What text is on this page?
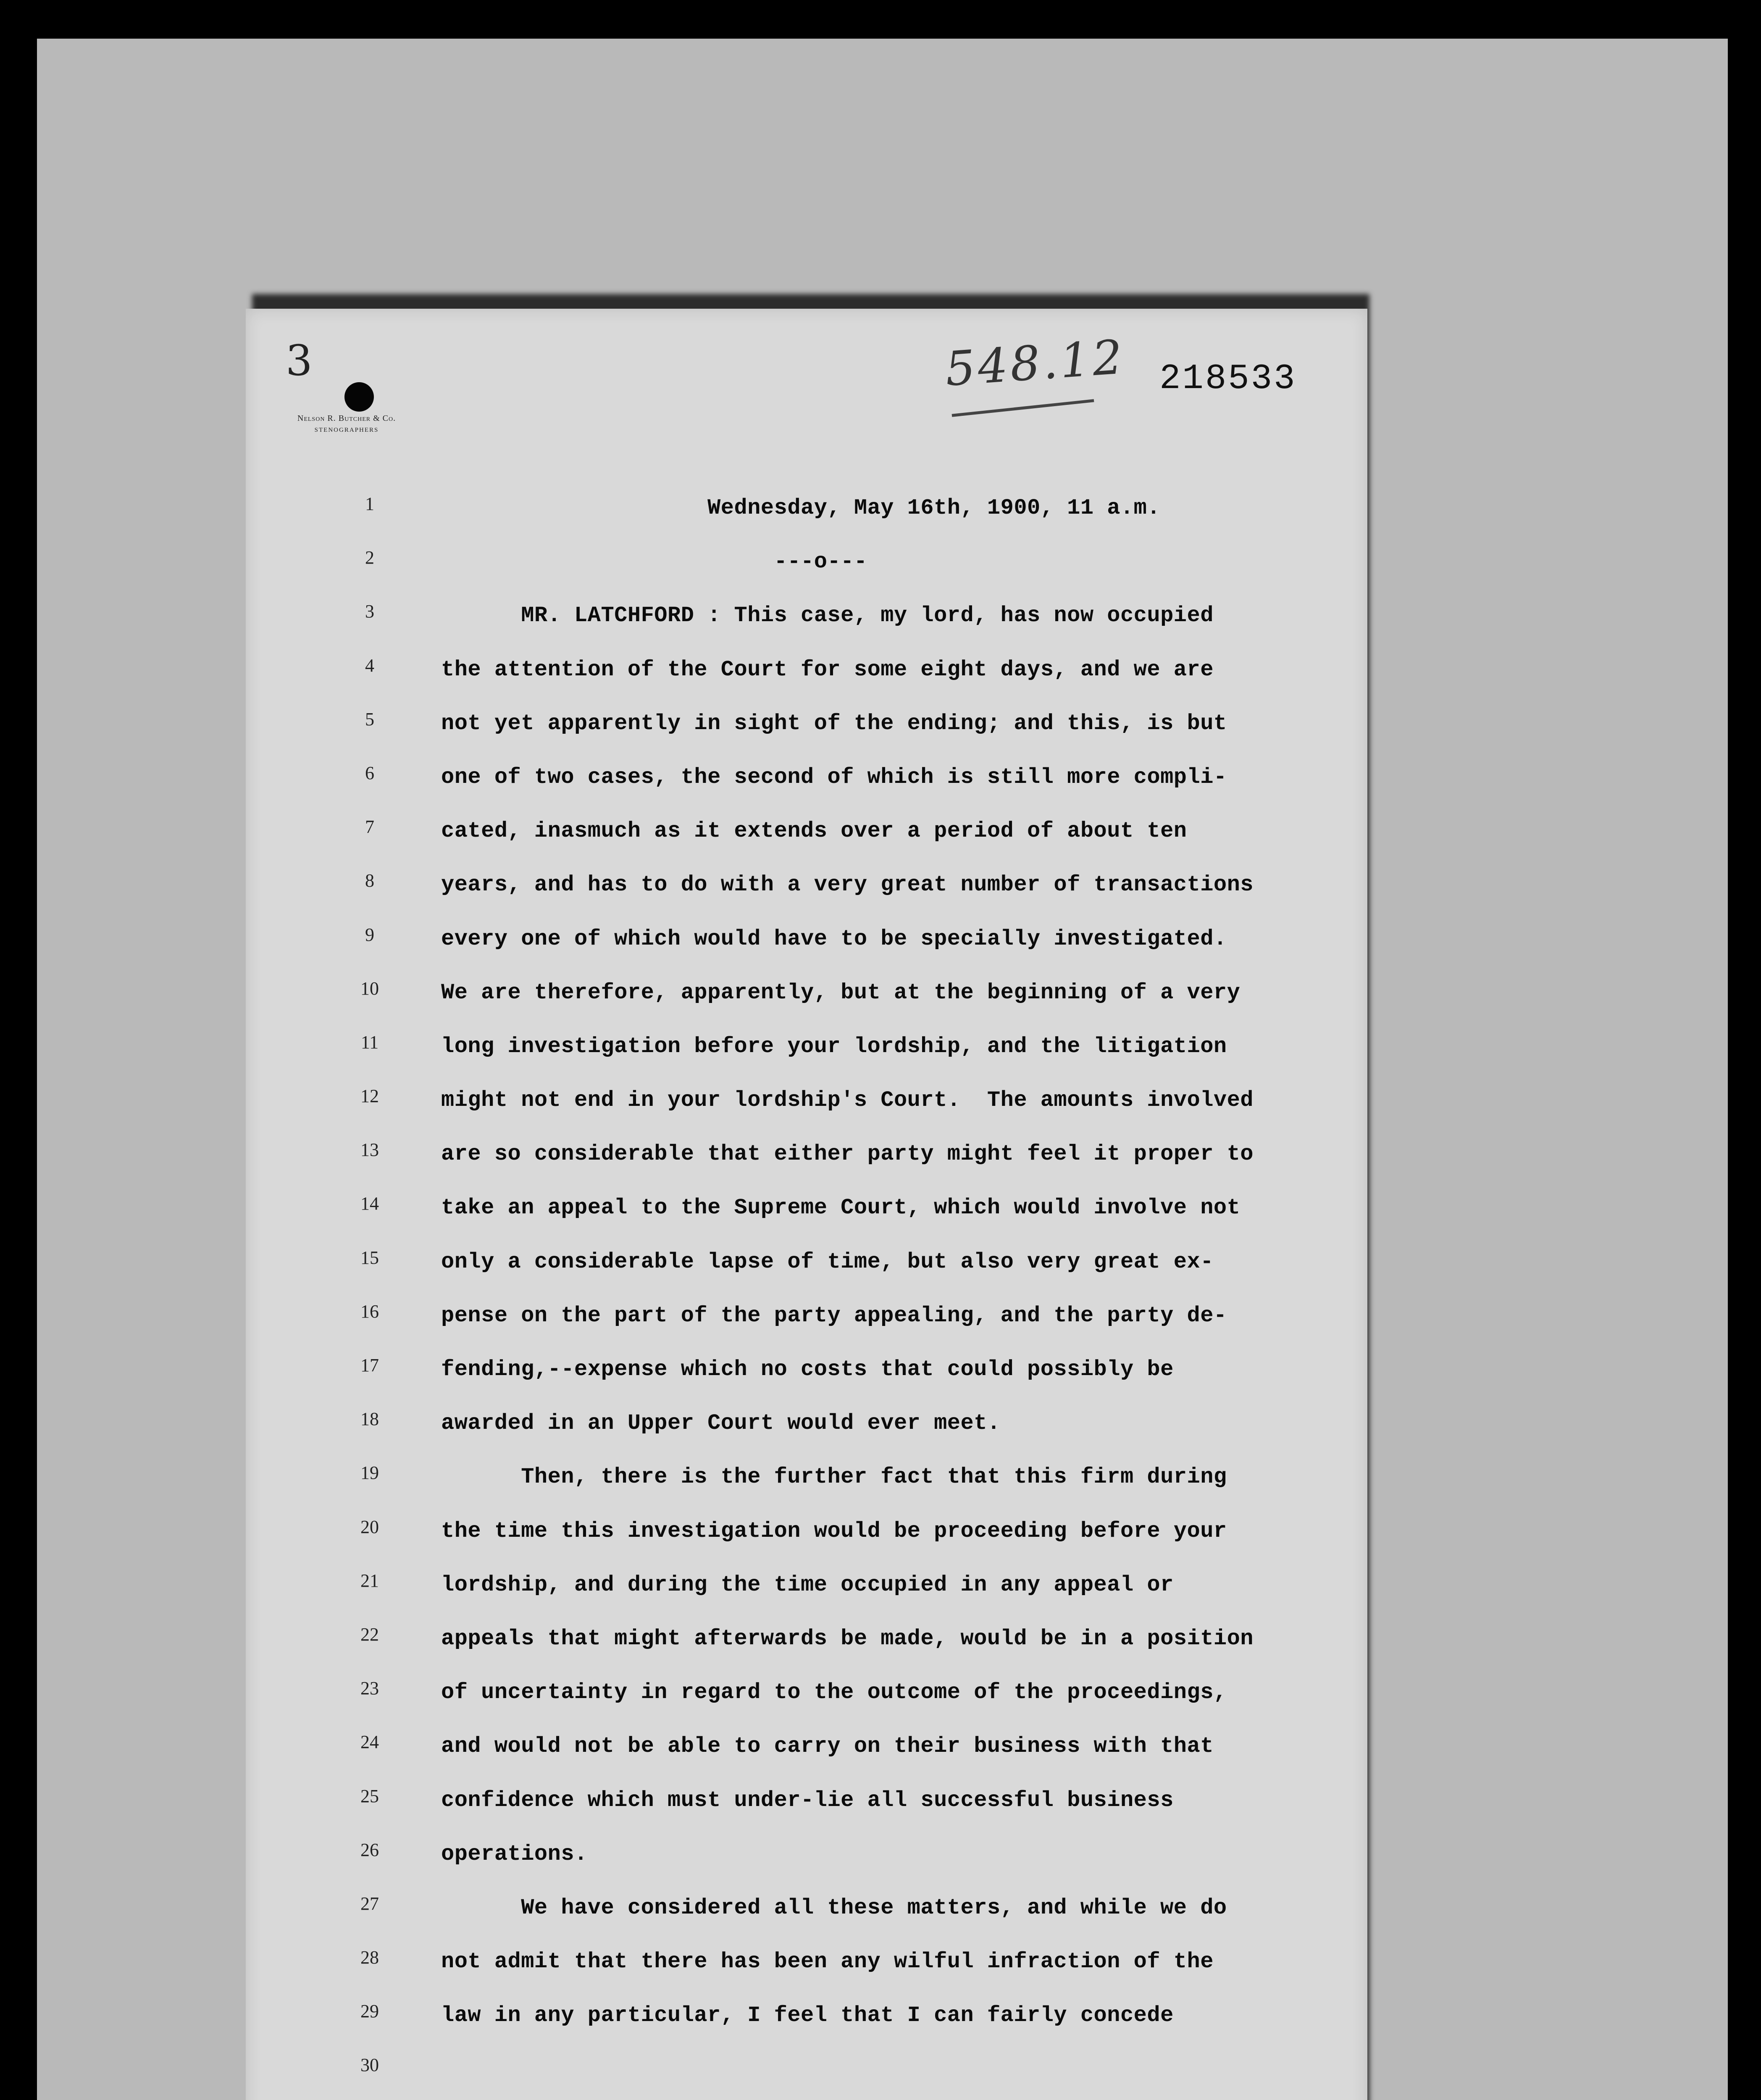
3	548.12 218533
Nelson R. Butcher & Co.
STENOGRAPHERS
1
2
3
4
5
6
7
8
9
10
11
12
13
14
15
16
17
18
19
20
21
22
23
24
25
26
27
28
29
30
Wednesday, May 16th, 1900, 11 a.m.
---o---
MR. LATCHFORD : This case, my lord, has now occupied
the attention of the Court for some eight days, and we are
not yet apparently in sight of the ending; and this, is but
one of two cases, the second of which is still more compli-
cated, inasmuch as it extends over a period of about ten
years, and has to do with a very great number of transactions
every one of which would have to be specially investigated.
We are therefore, apparently, but at the beginning of a very
long investigation before your lordship, and the litigation
might not end in your lordship's Court.  The amounts involved
are so considerable that either party might feel it proper to
take an appeal to the Supreme Court, which would involve not
only a considerable lapse of time, but also very great ex-
pense on the part of the party appealing, and the party de-
fending,--expense which no costs that could possibly be
awarded in an Upper Court would ever meet.
Then, there is the further fact that this firm during
the time this investigation would be proceeding before your
lordship, and during the time occupied in any appeal or
appeals that might afterwards be made, would be in a position
of uncertainty in regard to the outcome of the proceedings,
and would not be able to carry on their business with that
confidence which must under-lie all successful business
operations.
We have considered all these matters, and while we do
not admit that there has been any wilful infraction of the
law in any particular, I feel that I can fairly concede
